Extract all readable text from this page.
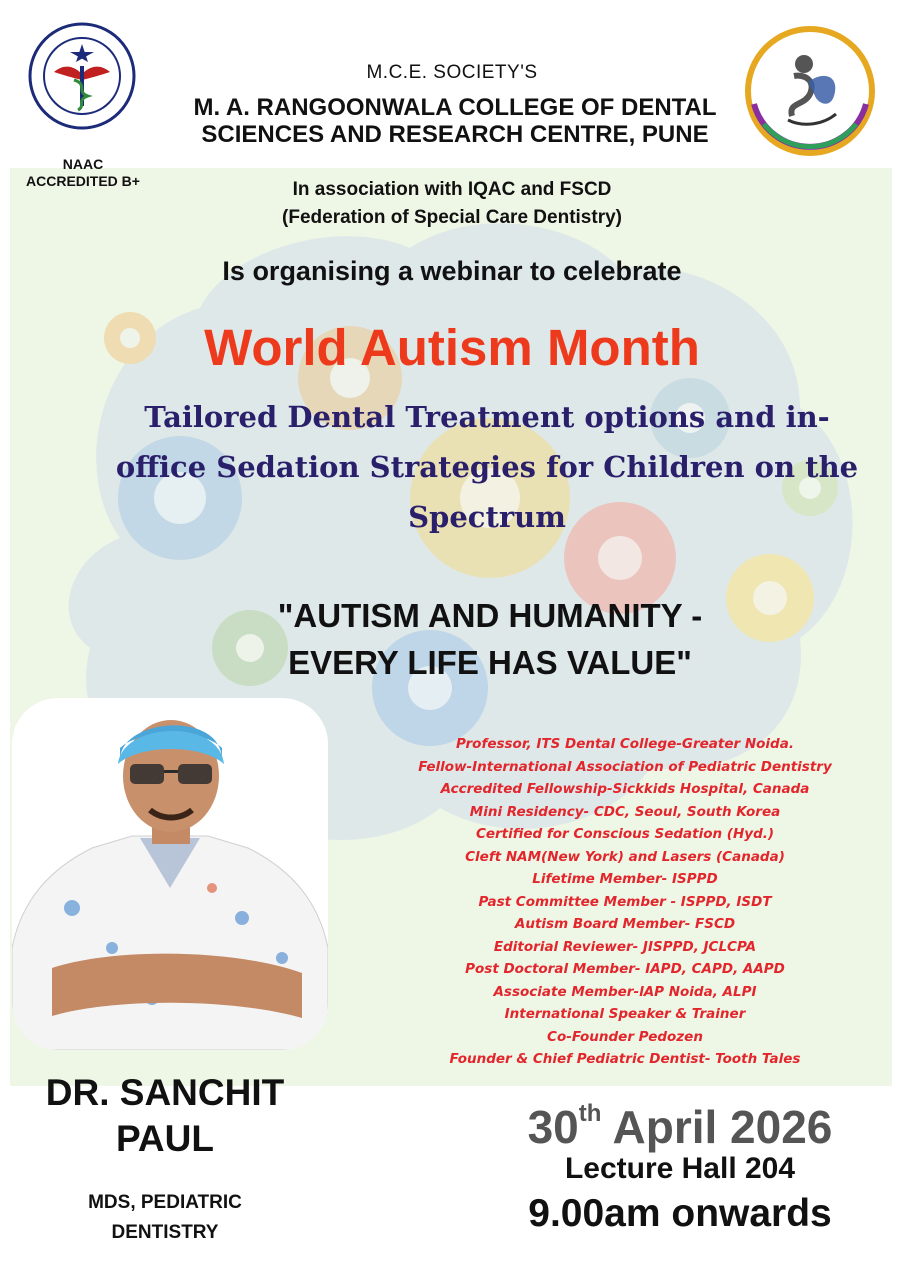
NAAC
ACCREDITED B+
M.C.E. SOCIETY'S
M. A. RANGOONWALA COLLEGE OF DENTAL
SCIENCES AND RESEARCH CENTRE, PUNE
In association with IQAC and FSCD
(Federation of Special Care Dentistry)
Is organising a webinar to celebrate
World Autism Month
Tailored Dental Treatment options and in-
office Sedation Strategies for Children on the
Spectrum
"AUTISM AND HUMANITY -
EVERY LIFE HAS VALUE"
Professor, ITS Dental College-Greater Noida.
Fellow-International Association of Pediatric Dentistry
Accredited Fellowship-Sickkids Hospital, Canada
Mini Residency- CDC, Seoul, South Korea
Certified for Conscious Sedation (Hyd.)
Cleft NAM(New York) and Lasers (Canada)
Lifetime Member- ISPPD
Past Committee Member - ISPPD, ISDT
Autism Board Member- FSCD
Editorial Reviewer- JISPPD, JCLCPA
Post Doctoral Member- IAPD, CAPD, AAPD
Associate Member-lAP Noida, ALPI
International Speaker & Trainer
Co-Founder Pedozen
Founder & Chief Pediatric Dentist- Tooth Tales
DR. SANCHIT
PAUL
MDS, PEDIATRIC
DENTISTRY
30th April 2026
Lecture Hall 204
9.00am onwards
